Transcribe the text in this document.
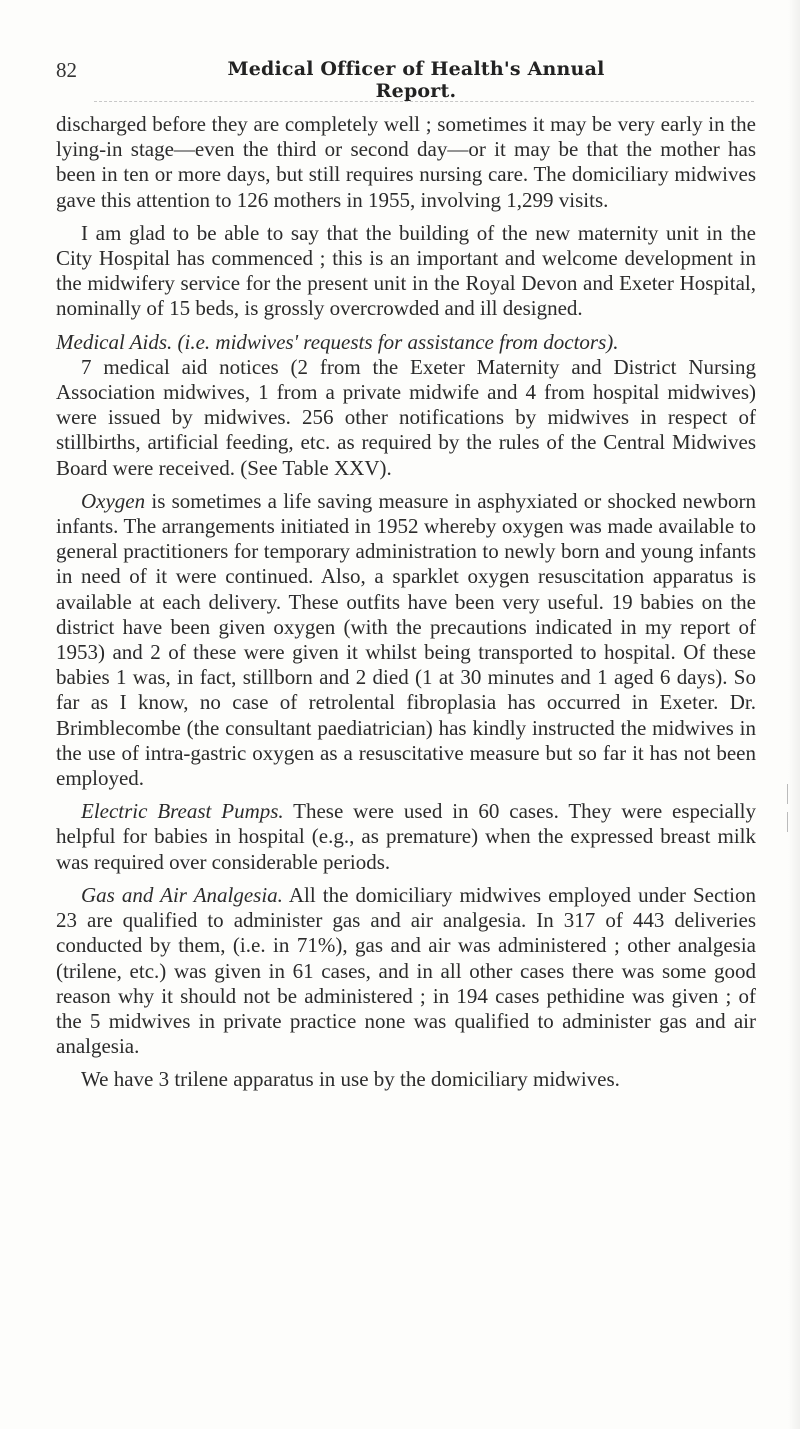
82	Medical Officer of Health's Annual Report.

discharged before they are completely well ; sometimes it may be very early in the lying-in stage—even the third or second day—or it may be that the mother has been in ten or more days, but still requires nursing care. The domiciliary midwives gave this attention to 126 mothers in 1955, involving 1,299 visits.

I am glad to be able to say that the building of the new maternity unit in the City Hospital has commenced ; this is an important and welcome development in the midwifery service for the present unit in the Royal Devon and Exeter Hospital, nominally of 15 beds, is grossly overcrowded and ill designed.

Medical Aids. (i.e. midwives' requests for assistance from doctors).
7 medical aid notices (2 from the Exeter Maternity and District Nursing Association midwives, 1 from a private midwife and 4 from hospital midwives) were issued by midwives. 256 other notifications by midwives in respect of stillbirths, artificial feeding, etc. as required by the rules of the Central Midwives Board were received. (See Table XXV).

Oxygen is sometimes a life saving measure in asphyxiated or shocked newborn infants. The arrangements initiated in 1952 whereby oxygen was made available to general practitioners for temporary administration to newly born and young infants in need of it were continued. Also, a sparklet oxygen resuscitation apparatus is available at each delivery. These outfits have been very useful. 19 babies on the district have been given oxygen (with the precautions indicated in my report of 1953) and 2 of these were given it whilst being transported to hospital. Of these babies 1 was, in fact, stillborn and 2 died (1 at 30 minutes and 1 aged 6 days). So far as I know, no case of retrolental fibroplasia has occurred in Exeter. Dr. Brimblecombe (the consultant paediatrician) has kindly instructed the midwives in the use of intra-gastric oxygen as a resuscitative measure but so far it has not been employed.

Electric Breast Pumps. These were used in 60 cases. They were especially helpful for babies in hospital (e.g., as premature) when the expressed breast milk was required over considerable periods.

Gas and Air Analgesia. All the domiciliary midwives employed under Section 23 are qualified to administer gas and air analgesia. In 317 of 443 deliveries conducted by them, (i.e. in 71%), gas and air was administered ; other analgesia (trilene, etc.) was given in 61 cases, and in all other cases there was some good reason why it should not be administered ; in 194 cases pethidine was given ; of the 5 midwives in private practice none was qualified to administer gas and air analgesia.

We have 3 trilene apparatus in use by the domiciliary midwives.
